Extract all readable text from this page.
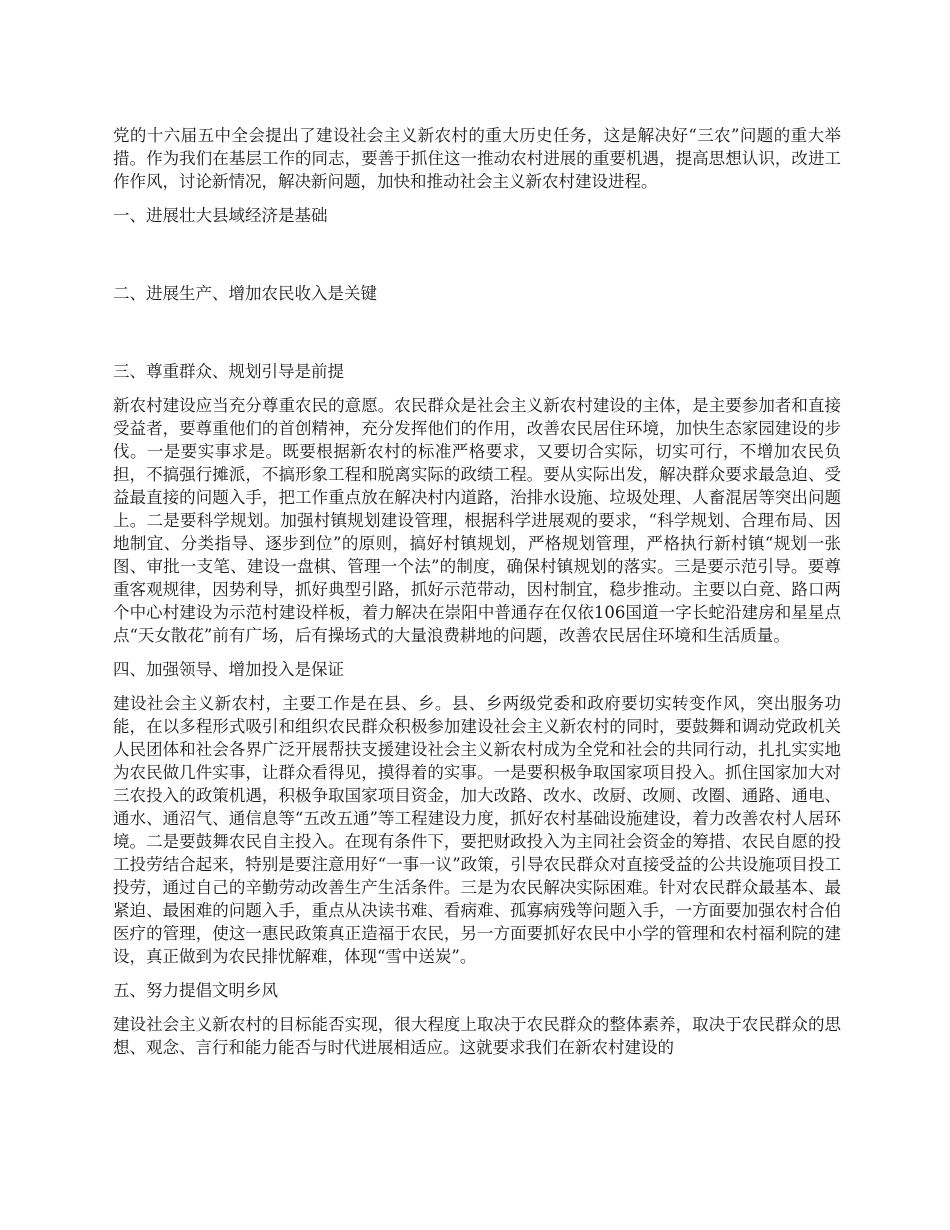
党的十六届五中全会提出了建设社会主义新农村的重大历史任务，这是解决好“三农”问题的重大举措。作为我们在基层工作的同志，要善于抓住这一推动农村进展的重要机遇，提高思想认识，改进工作作风，讨论新情况，解决新问题，加快和推动社会主义新农村建设进程。

一、进展壮大县域经济是基础

二、进展生产、增加农民收入是关键

三、尊重群众、规划引导是前提

新农村建设应当充分尊重农民的意愿。农民群众是社会主义新农村建设的主体，是主要参加者和直接受益者，要尊重他们的首创精神，充分发挥他们的作用，改善农民居住环境，加快生态家园建设的步伐。一是要实事求是。既要根据新农村的标准严格要求，又要切合实际，切实可行，不增加农民负担，不搞强行摊派，不搞形象工程和脱离实际的政绩工程。要从实际出发，解决群众要求最急迫、受益最直接的问题入手，把工作重点放在解决村内道路，治排水设施、垃圾处理、人畜混居等突出问题上。二是要科学规划。加强村镇规划建设管理，根据科学进展观的要求，“科学规划、合理布局、因地制宜、分类指导、逐步到位”的原则，搞好村镇规划，严格规划管理，严格执行新村镇“规划一张图、审批一支笔、建设一盘棋、管理一个法”的制度，确保村镇规划的落实。三是要示范引导。要尊重客观规律，因势利导，抓好典型引路，抓好示范带动，因村制宜，稳步推动。主要以白竟、路口两个中心村建设为示范村建设样板，着力解决在崇阳中普通存在仅依106国道一字长蛇沿建房和星星点点“天女散花”前有广场，后有操场式的大量浪费耕地的问题，改善农民居住环境和生活质量。

四、加强领导、增加投入是保证

建设社会主义新农村，主要工作是在县、乡。县、乡两级党委和政府要切实转变作风，突出服务功能，在以多程形式吸引和组织农民群众积极参加建设社会主义新农村的同时，要鼓舞和调动党政机关人民团体和社会各界广泛开展帮扶支援建设社会主义新农村成为全党和社会的共同行动，扎扎实实地为农民做几件实事，让群众看得见，摸得着的实事。一是要积极争取国家项目投入。抓住国家加大对三农投入的政策机遇，积极争取国家项目资金，加大改路、改水、改厨、改厕、改圈、通路、通电、通水、通沼气、通信息等“五改五通”等工程建设力度，抓好农村基础设施建设，着力改善农村人居环境。二是要鼓舞农民自主投入。在现有条件下，要把财政投入为主同社会资金的筹措、农民自愿的投工投劳结合起来，特别是要注意用好“一事一议”政策，引导农民群众对直接受益的公共设施项目投工投劳，通过自己的辛勤劳动改善生产生活条件。三是为农民解决实际困难。针对农民群众最基本、最紧迫、最困难的问题入手，重点从决读书难、看病难、孤寡病残等问题入手，一方面要加强农村合伯医疗的管理，使这一惠民政策真正造福于农民，另一方面要抓好农民中小学的管理和农村福利院的建设，真正做到为农民排忧解难，体现“雪中送炭”。

五、努力提倡文明乡风

建设社会主义新农村的目标能否实现，很大程度上取决于农民群众的整体素养，取决于农民群众的思想、观念、言行和能力能否与时代进展相适应。这就要求我们在新农村建设的
